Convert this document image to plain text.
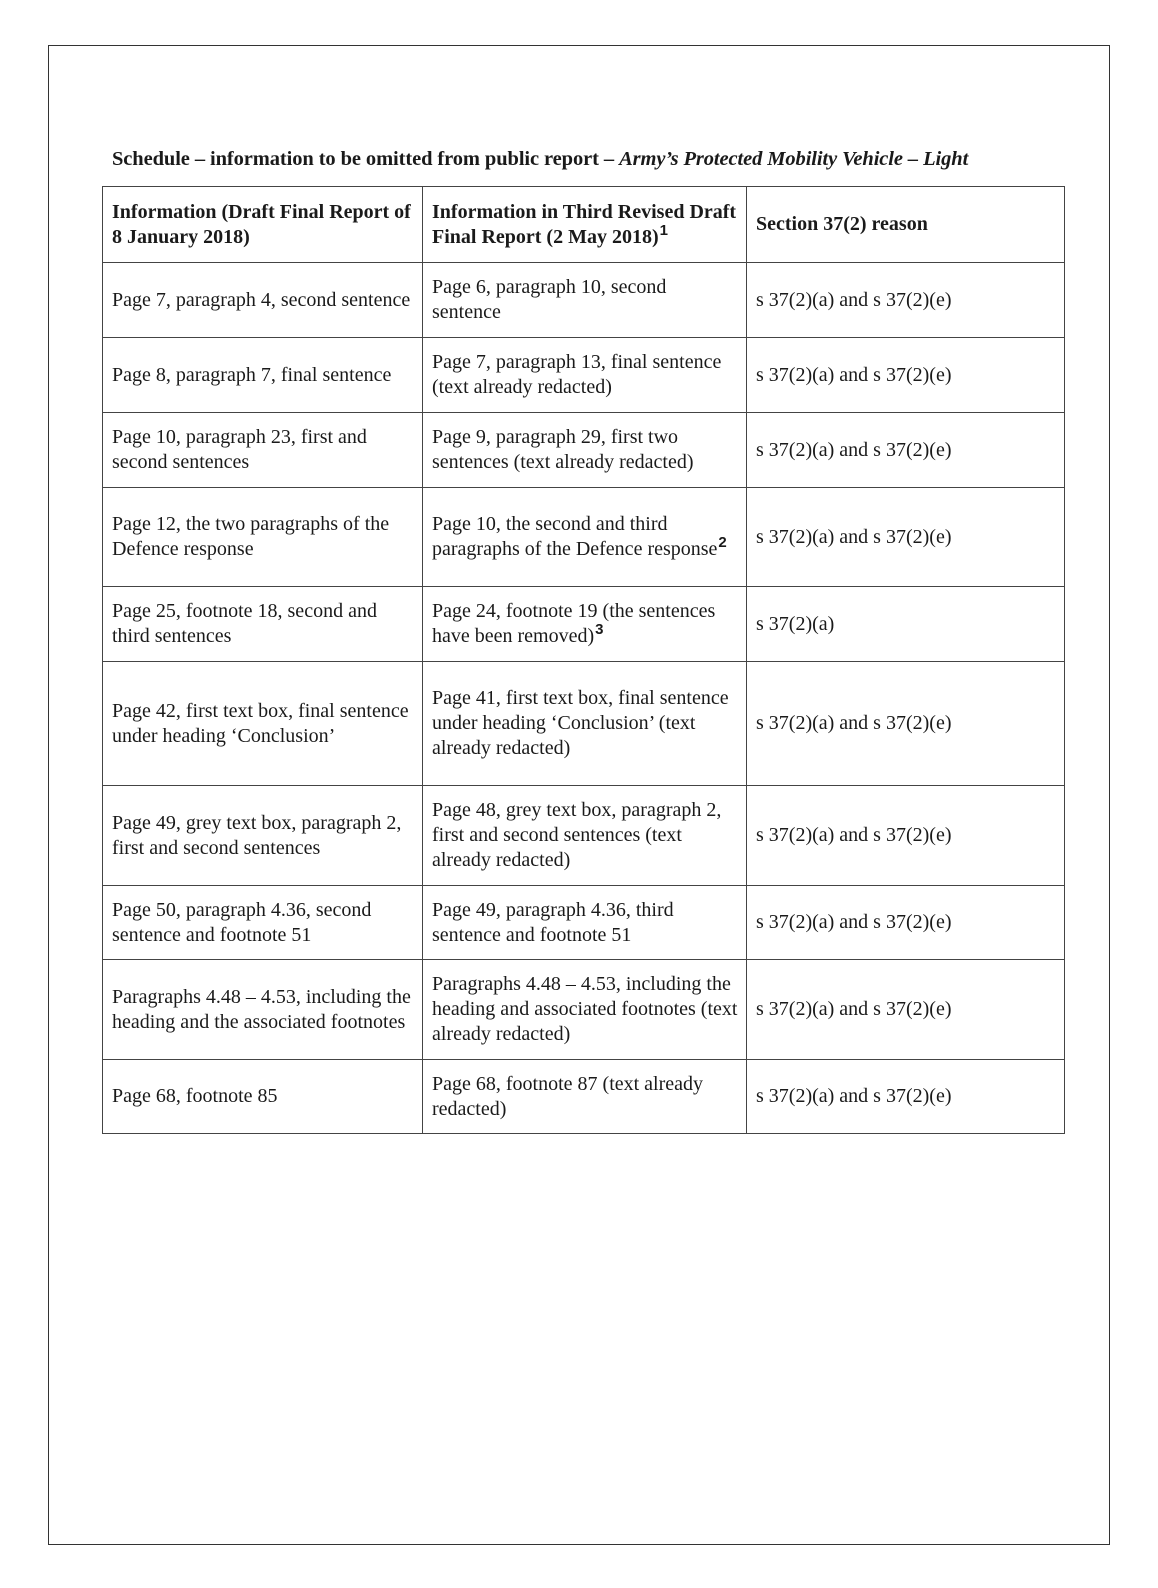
Schedule – information to be omitted from public report – Army’s Protected Mobility Vehicle – Light
Information (Draft Final Report of 8 January 2018)	Information in Third Revised Draft Final Report (2 May 2018)$^1$	Section 37(2) reason
Page 7, paragraph 4, second sentence	Page 6, paragraph 10, second sentence	s 37(2)(a) and s 37(2)(e)
Page 8, paragraph 7, final sentence	Page 7, paragraph 13, final sentence (text already redacted)	s 37(2)(a) and s 37(2)(e)
Page 10, paragraph 23, first and second sentences	Page 9, paragraph 29, first two sentences (text already redacted)	s 37(2)(a) and s 37(2)(e)
Page 12, the two paragraphs of the Defence response	Page 10, the second and third paragraphs of the Defence response$^2$	s 37(2)(a) and s 37(2)(e)
Page 25, footnote 18, second and third sentences	Page 24, footnote 19 (the sentences have been removed)$^3$	s 37(2)(a)
Page 42, first text box, final sentence under heading ‘Conclusion’	Page 41, first text box, final sentence under heading ‘Conclusion’ (text already redacted)	s 37(2)(a) and s 37(2)(e)
Page 49, grey text box, paragraph 2, first and second sentences	Page 48, grey text box, paragraph 2, first and second sentences (text already redacted)	s 37(2)(a) and s 37(2)(e)
Page 50, paragraph 4.36, second sentence and footnote 51	Page 49, paragraph 4.36, third sentence and footnote 51	s 37(2)(a) and s 37(2)(e)
Paragraphs 4.48 – 4.53, including the heading and the associated footnotes	Paragraphs 4.48 – 4.53, including the heading and associated footnotes (text already redacted)	s 37(2)(a) and s 37(2)(e)
Page 68, footnote 85	Page 68, footnote 87 (text already redacted)	s 37(2)(a) and s 37(2)(e)
